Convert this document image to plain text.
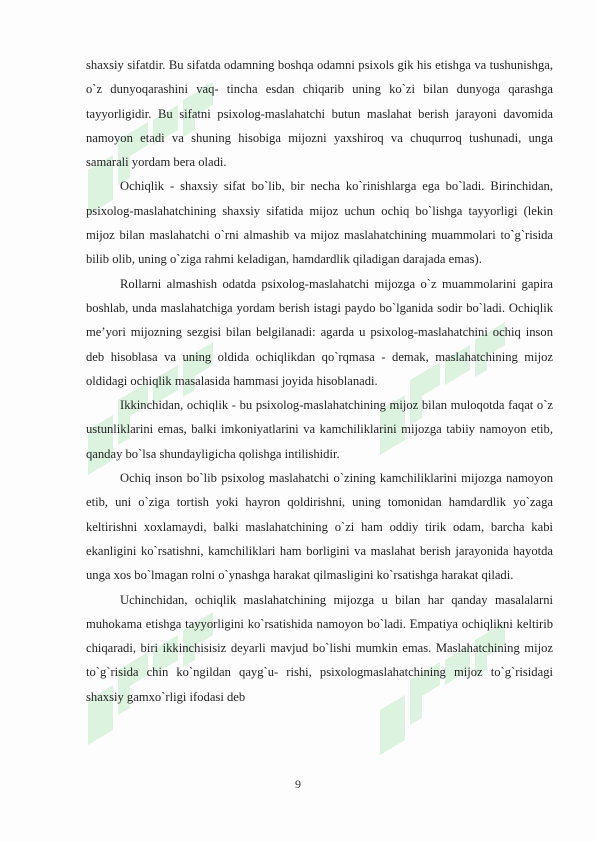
shaxsiy sifatdir. Bu sifatda odamning boshqa odamni psixols gik his etishga va tushunishga, o`z dunyoqarashini vaq- tincha esdan chiqarib uning ko`zi bilan dunyoga qarashga tayyorligidir. Bu sifatni psixolog-maslahatchi butun maslahat berish jarayoni davomida namoyon etadi va shuning hisobiga mijozni yaxshiroq va chuqurroq tushunadi, unga samarali yordam bera oladi.

Ochiqlik - shaxsiy sifat bo`lib, bir necha ko`rinishlarga ega bo`ladi. Birinchidan, psixolog-maslahatchining shaxsiy sifatida mijoz uchun ochiq bo`lishga tayyorligi (lekin mijoz bilan maslahatchi o`rni almashib va mijoz maslahatchining muammolari to`g`risida bilib olib, uning o`ziga rahmi keladigan, hamdardlik qiladigan darajada emas).

Rollarni almashish odatda psixolog-maslahatchi mijozga o`z muammolarini gapira boshlab, unda maslahatchiga yordam berish istagi paydo bo`lganida sodir bo`ladi. Ochiqlik me’yori mijozning sezgisi bilan belgilanadi: agarda u psixolog-maslahatchini ochiq inson deb hisoblasa va uning oldida ochiqlikdan qo`rqmasa - demak, maslahatchining mijoz oldidagi ochiqlik masalasida hammasi joyida hisoblanadi.

Ikkinchidan, ochiqlik - bu psixolog-maslahatchining mijoz bilan muloqotda faqat o`z ustunliklarini emas, balki imkoniyatlarini va kamchiliklarini mijozga tabiiy namoyon etib, qanday bo`lsa shundayligicha qolishga intilishidir.

Ochiq inson bo`lib psixolog maslahatchi o`zining kamchiliklarini mijozga namoyon etib, uni o`ziga tortish yoki hayron qoldirishni, uning tomonidan hamdardlik yo`zaga keltirishni xoxlamaydi, balki maslahatchining o`zi ham oddiy tirik odam, barcha kabi ekanligini ko`rsatishni, kamchiliklari ham borligini va maslahat berish jarayonida hayotda unga xos bo`lmagan rolni o`ynashga harakat qilmasligini ko`rsatishga harakat qiladi.

Uchinchidan, ochiqlik maslahatchining mijozga u bilan har qanday masalalarni muhokama etishga tayyorligini ko`rsatishida namoyon bo`ladi. Empatiya ochiqlikni keltirib chiqaradi, biri ikkinchisisiz deyarli mavjud bo`lishi mumkin emas. Maslahatchining mijoz to`g`risida chin ko`ngildan qayg`u- rishi, psixologmaslahatchining mijoz to`g`risidagi shaxsiy gamxo`rligi ifodasi deb

9
